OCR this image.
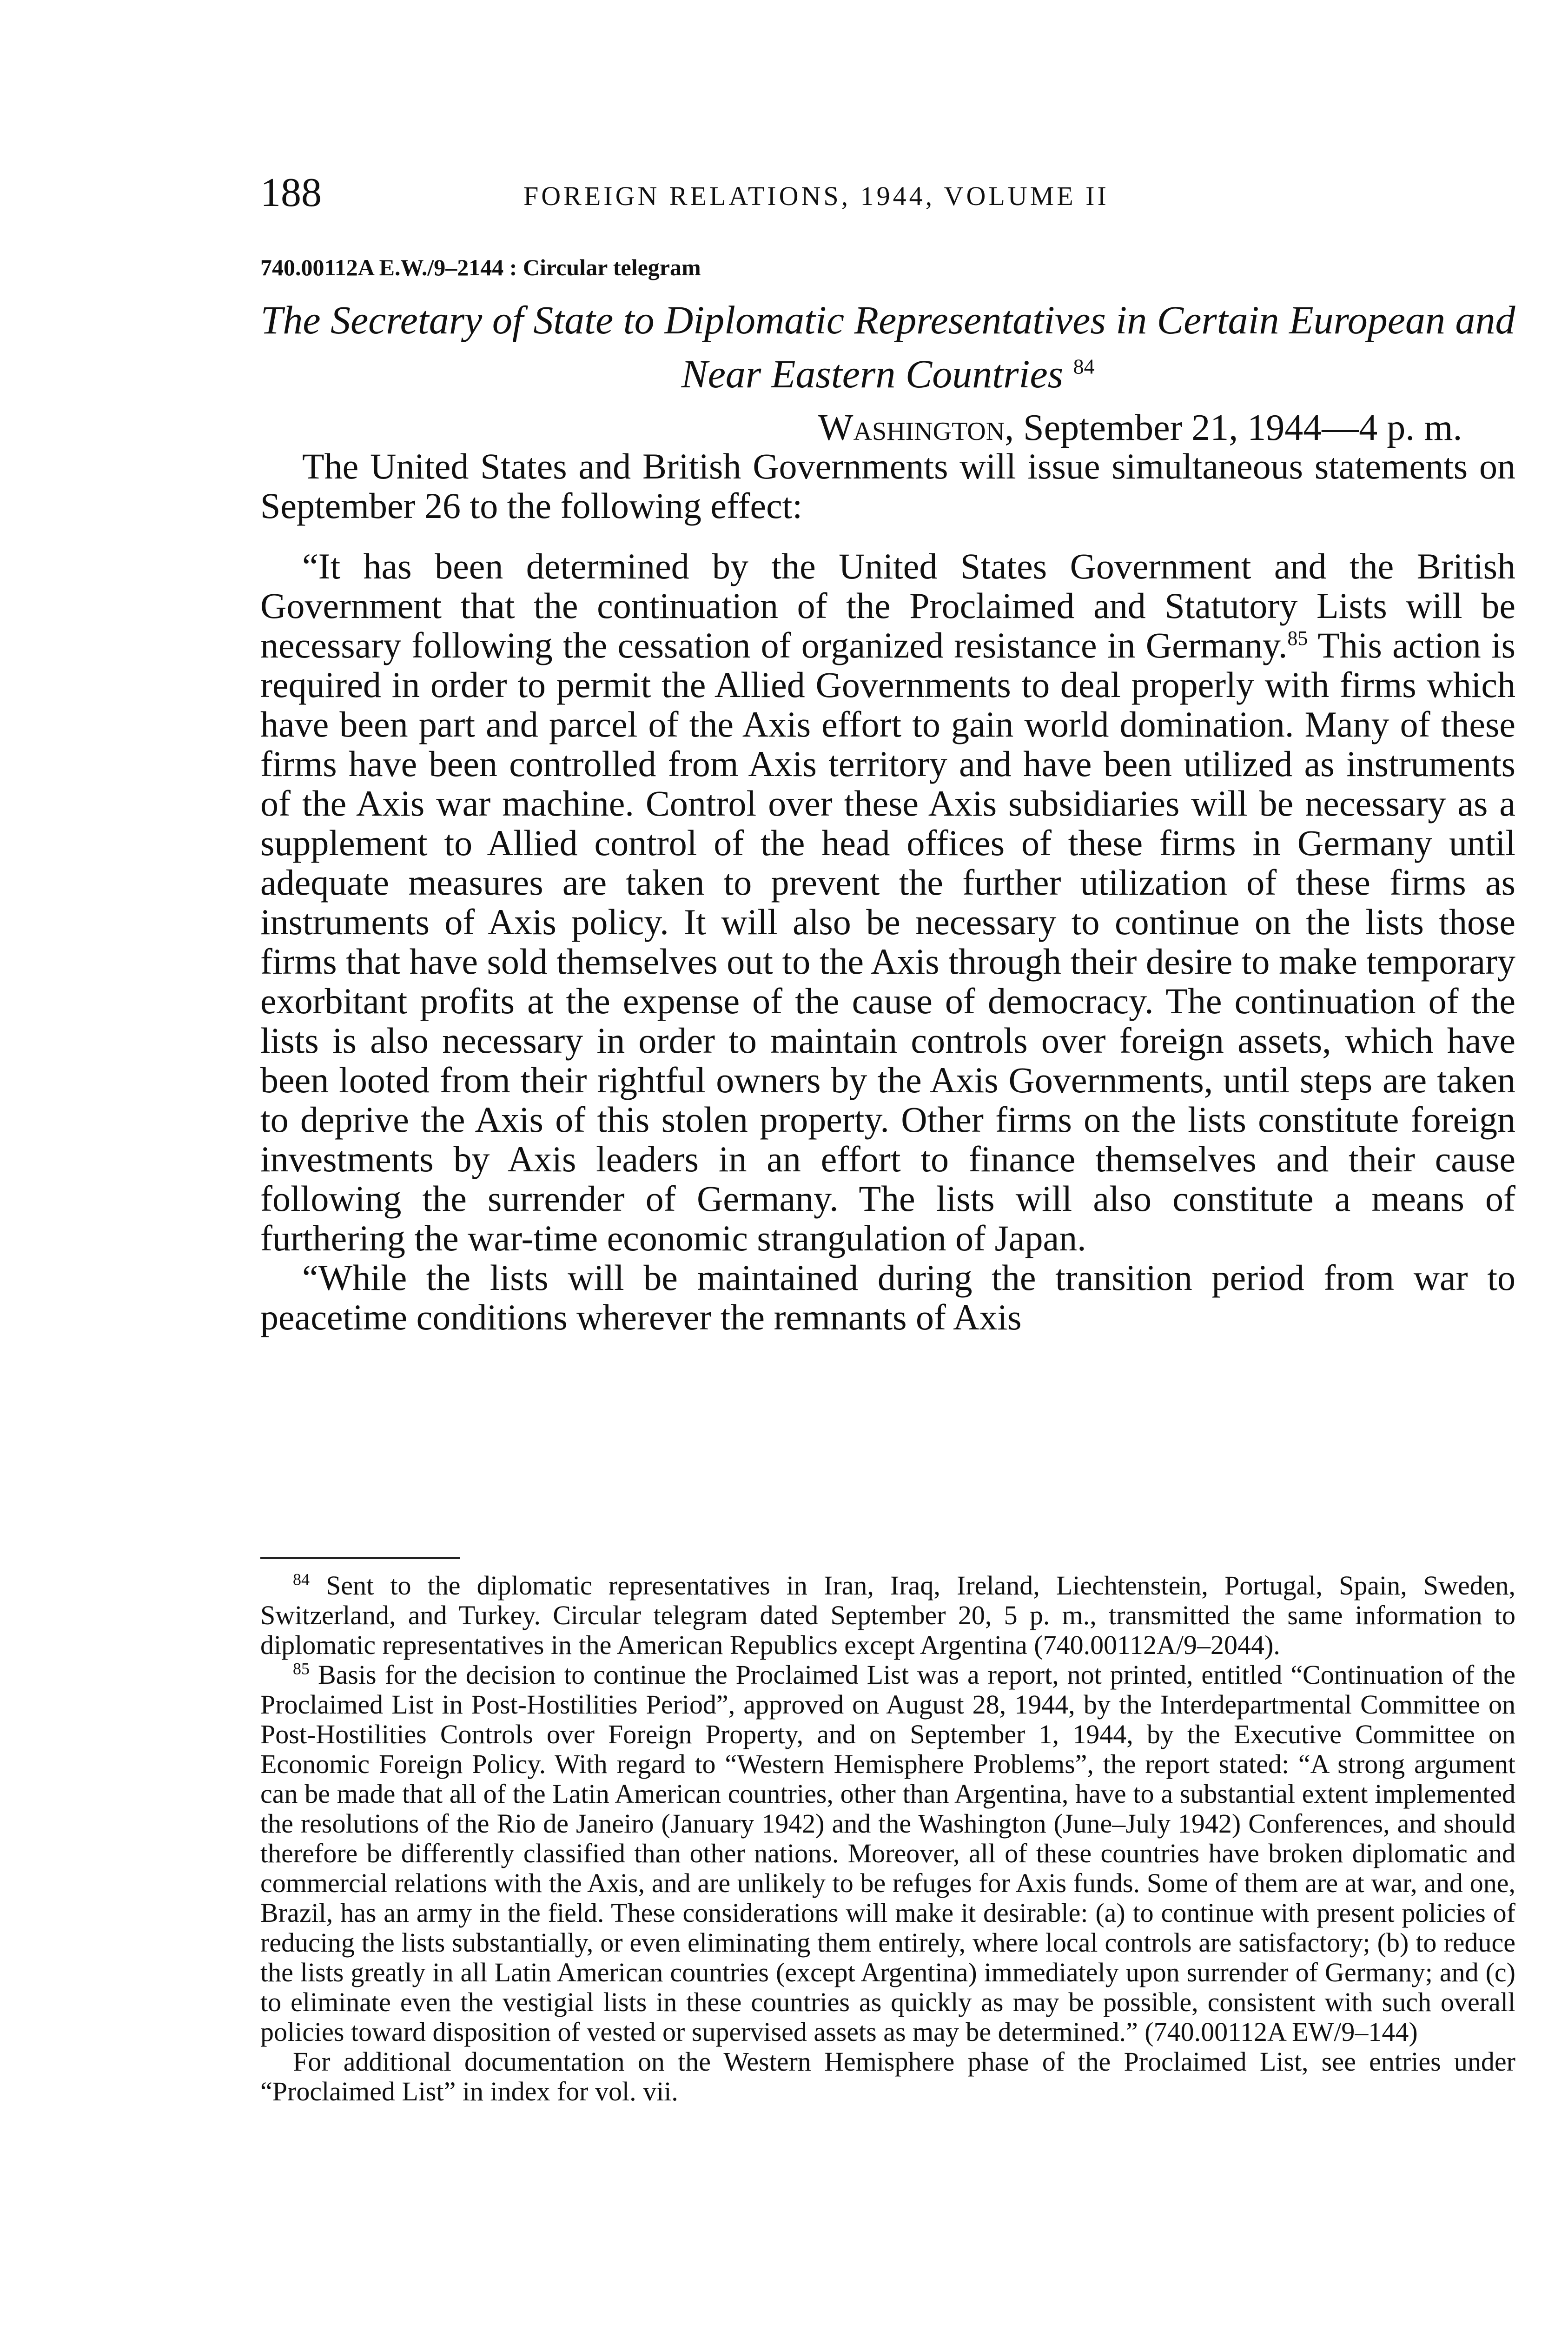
188	FOREIGN RELATIONS, 1944, VOLUME II
740.00112A E.W./9–2144 : Circular telegram
The Secretary of State to Diplomatic Representatives in Certain European and Near Eastern Countries $^{84}$
Washington, September 21, 1944—4 p. m.

The United States and British Governments will issue simultaneous statements on September 26 to the following effect:

“It has been determined by the United States Government and the British Government that the continuation of the Proclaimed and Statutory Lists will be necessary following the cessation of organized resistance in Germany.$^{85}$ This action is required in order to permit the Allied Governments to deal properly with firms which have been part and parcel of the Axis effort to gain world domination. Many of these firms have been controlled from Axis territory and have been utilized as instruments of the Axis war machine. Control over these Axis subsidiaries will be necessary as a supplement to Allied control of the head offices of these firms in Germany until adequate measures are taken to prevent the further utilization of these firms as instruments of Axis policy. It will also be necessary to continue on the lists those firms that have sold themselves out to the Axis through their desire to make temporary exorbitant profits at the expense of the cause of democracy. The continuation of the lists is also necessary in order to maintain controls over foreign assets, which have been looted from their rightful owners by the Axis Governments, until steps are taken to deprive the Axis of this stolen property. Other firms on the lists constitute foreign investments by Axis leaders in an effort to finance themselves and their cause following the surrender of Germany. The lists will also constitute a means of furthering the war-time economic strangulation of Japan.

“While the lists will be maintained during the transition period from war to peacetime conditions wherever the remnants of Axis

$^{84}$ Sent to the diplomatic representatives in Iran, Iraq, Ireland, Liechtenstein, Portugal, Spain, Sweden, Switzerland, and Turkey. Circular telegram dated September 20, 5 p. m., transmitted the same information to diplomatic representatives in the American Republics except Argentina (740.00112A/9–2044).

$^{85}$ Basis for the decision to continue the Proclaimed List was a report, not printed, entitled “Continuation of the Proclaimed List in Post-Hostilities Period”, approved on August 28, 1944, by the Interdepartmental Committee on Post-Hostilities Controls over Foreign Property, and on September 1, 1944, by the Executive Committee on Economic Foreign Policy. With regard to “Western Hemisphere Problems”, the report stated: “A strong argument can be made that all of the Latin American countries, other than Argentina, have to a substantial extent implemented the resolutions of the Rio de Janeiro (January 1942) and the Washington (June–July 1942) Conferences, and should therefore be differently classified than other nations. Moreover, all of these countries have broken diplomatic and commercial relations with the Axis, and are unlikely to be refuges for Axis funds. Some of them are at war, and one, Brazil, has an army in the field. These considerations will make it desirable: (a) to continue with present policies of reducing the lists substantially, or even eliminating them entirely, where local controls are satisfactory; (b) to reduce the lists greatly in all Latin American countries (except Argentina) immediately upon surrender of Germany; and (c) to eliminate even the vestigial lists in these countries as quickly as may be possible, consistent with such overall policies toward disposition of vested or supervised assets as may be determined.” (740.00112A EW/9–144)

For additional documentation on the Western Hemisphere phase of the Proclaimed List, see entries under “Proclaimed List” in index for vol. vii.
